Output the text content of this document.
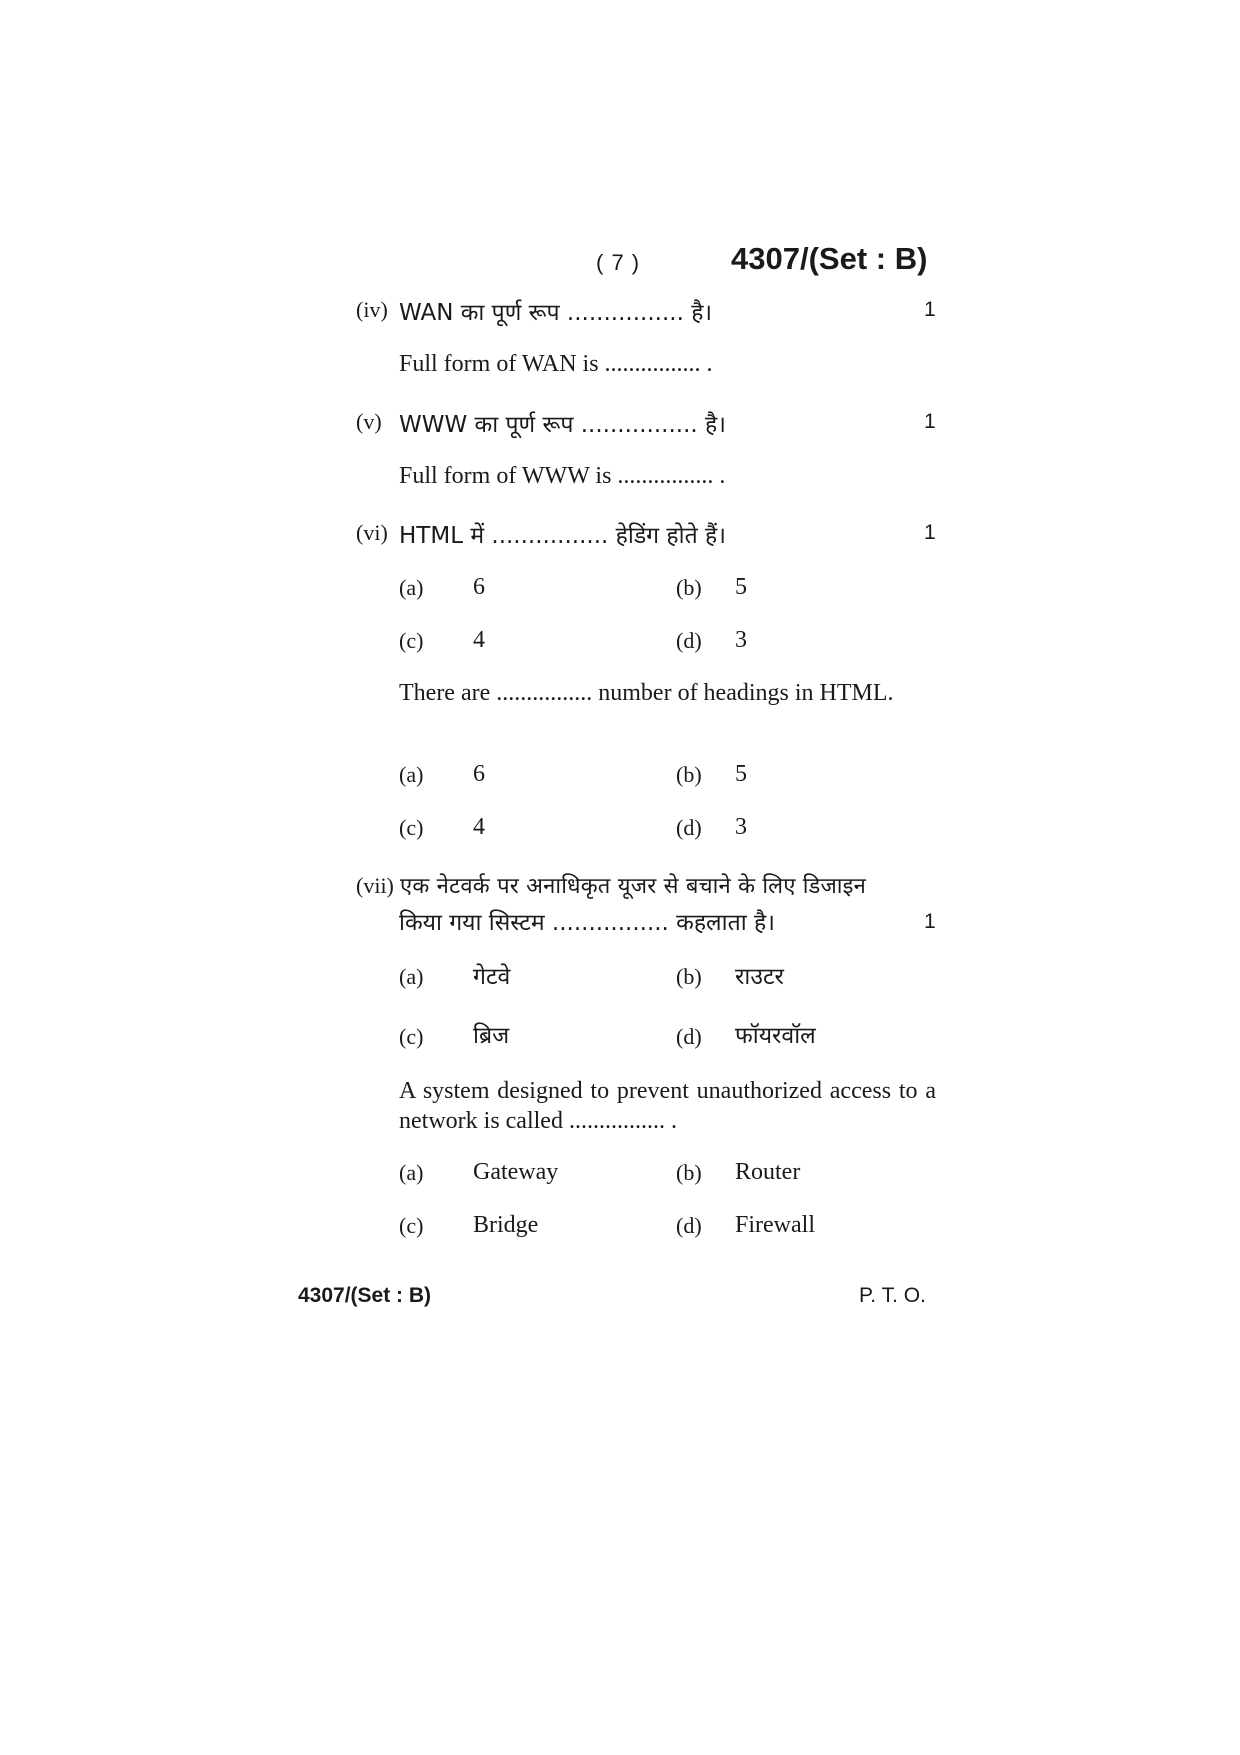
( 7 )	4307/(Set : B)
(iv) WAN का पूर्ण रूप ................ है।	1
Full form of WAN is ................ .
(v) WWW का पूर्ण रूप ................ है।	1
Full form of WWW is ................ .
(vi) HTML में ................ हेडिंग होते हैं।	1
(a) 6	(b) 5
(c) 4	(d) 3
There are ................ number of headings in HTML.
(a) 6	(b) 5
(c) 4	(d) 3
(vii) एक नेटवर्क पर अनाधिकृत यूजर से बचाने के लिए डिजाइन
किया गया सिस्टम ................ कहलाता है।	1
(a) गेटवे	(b) राउटर
(c) ब्रिज	(d) फॉयरवॉल
A system designed to prevent unauthorized access to a network is called ................ .
(a) Gateway	(b) Router
(c) Bridge	(d) Firewall
4307/(Set : B)	P. T. O.
